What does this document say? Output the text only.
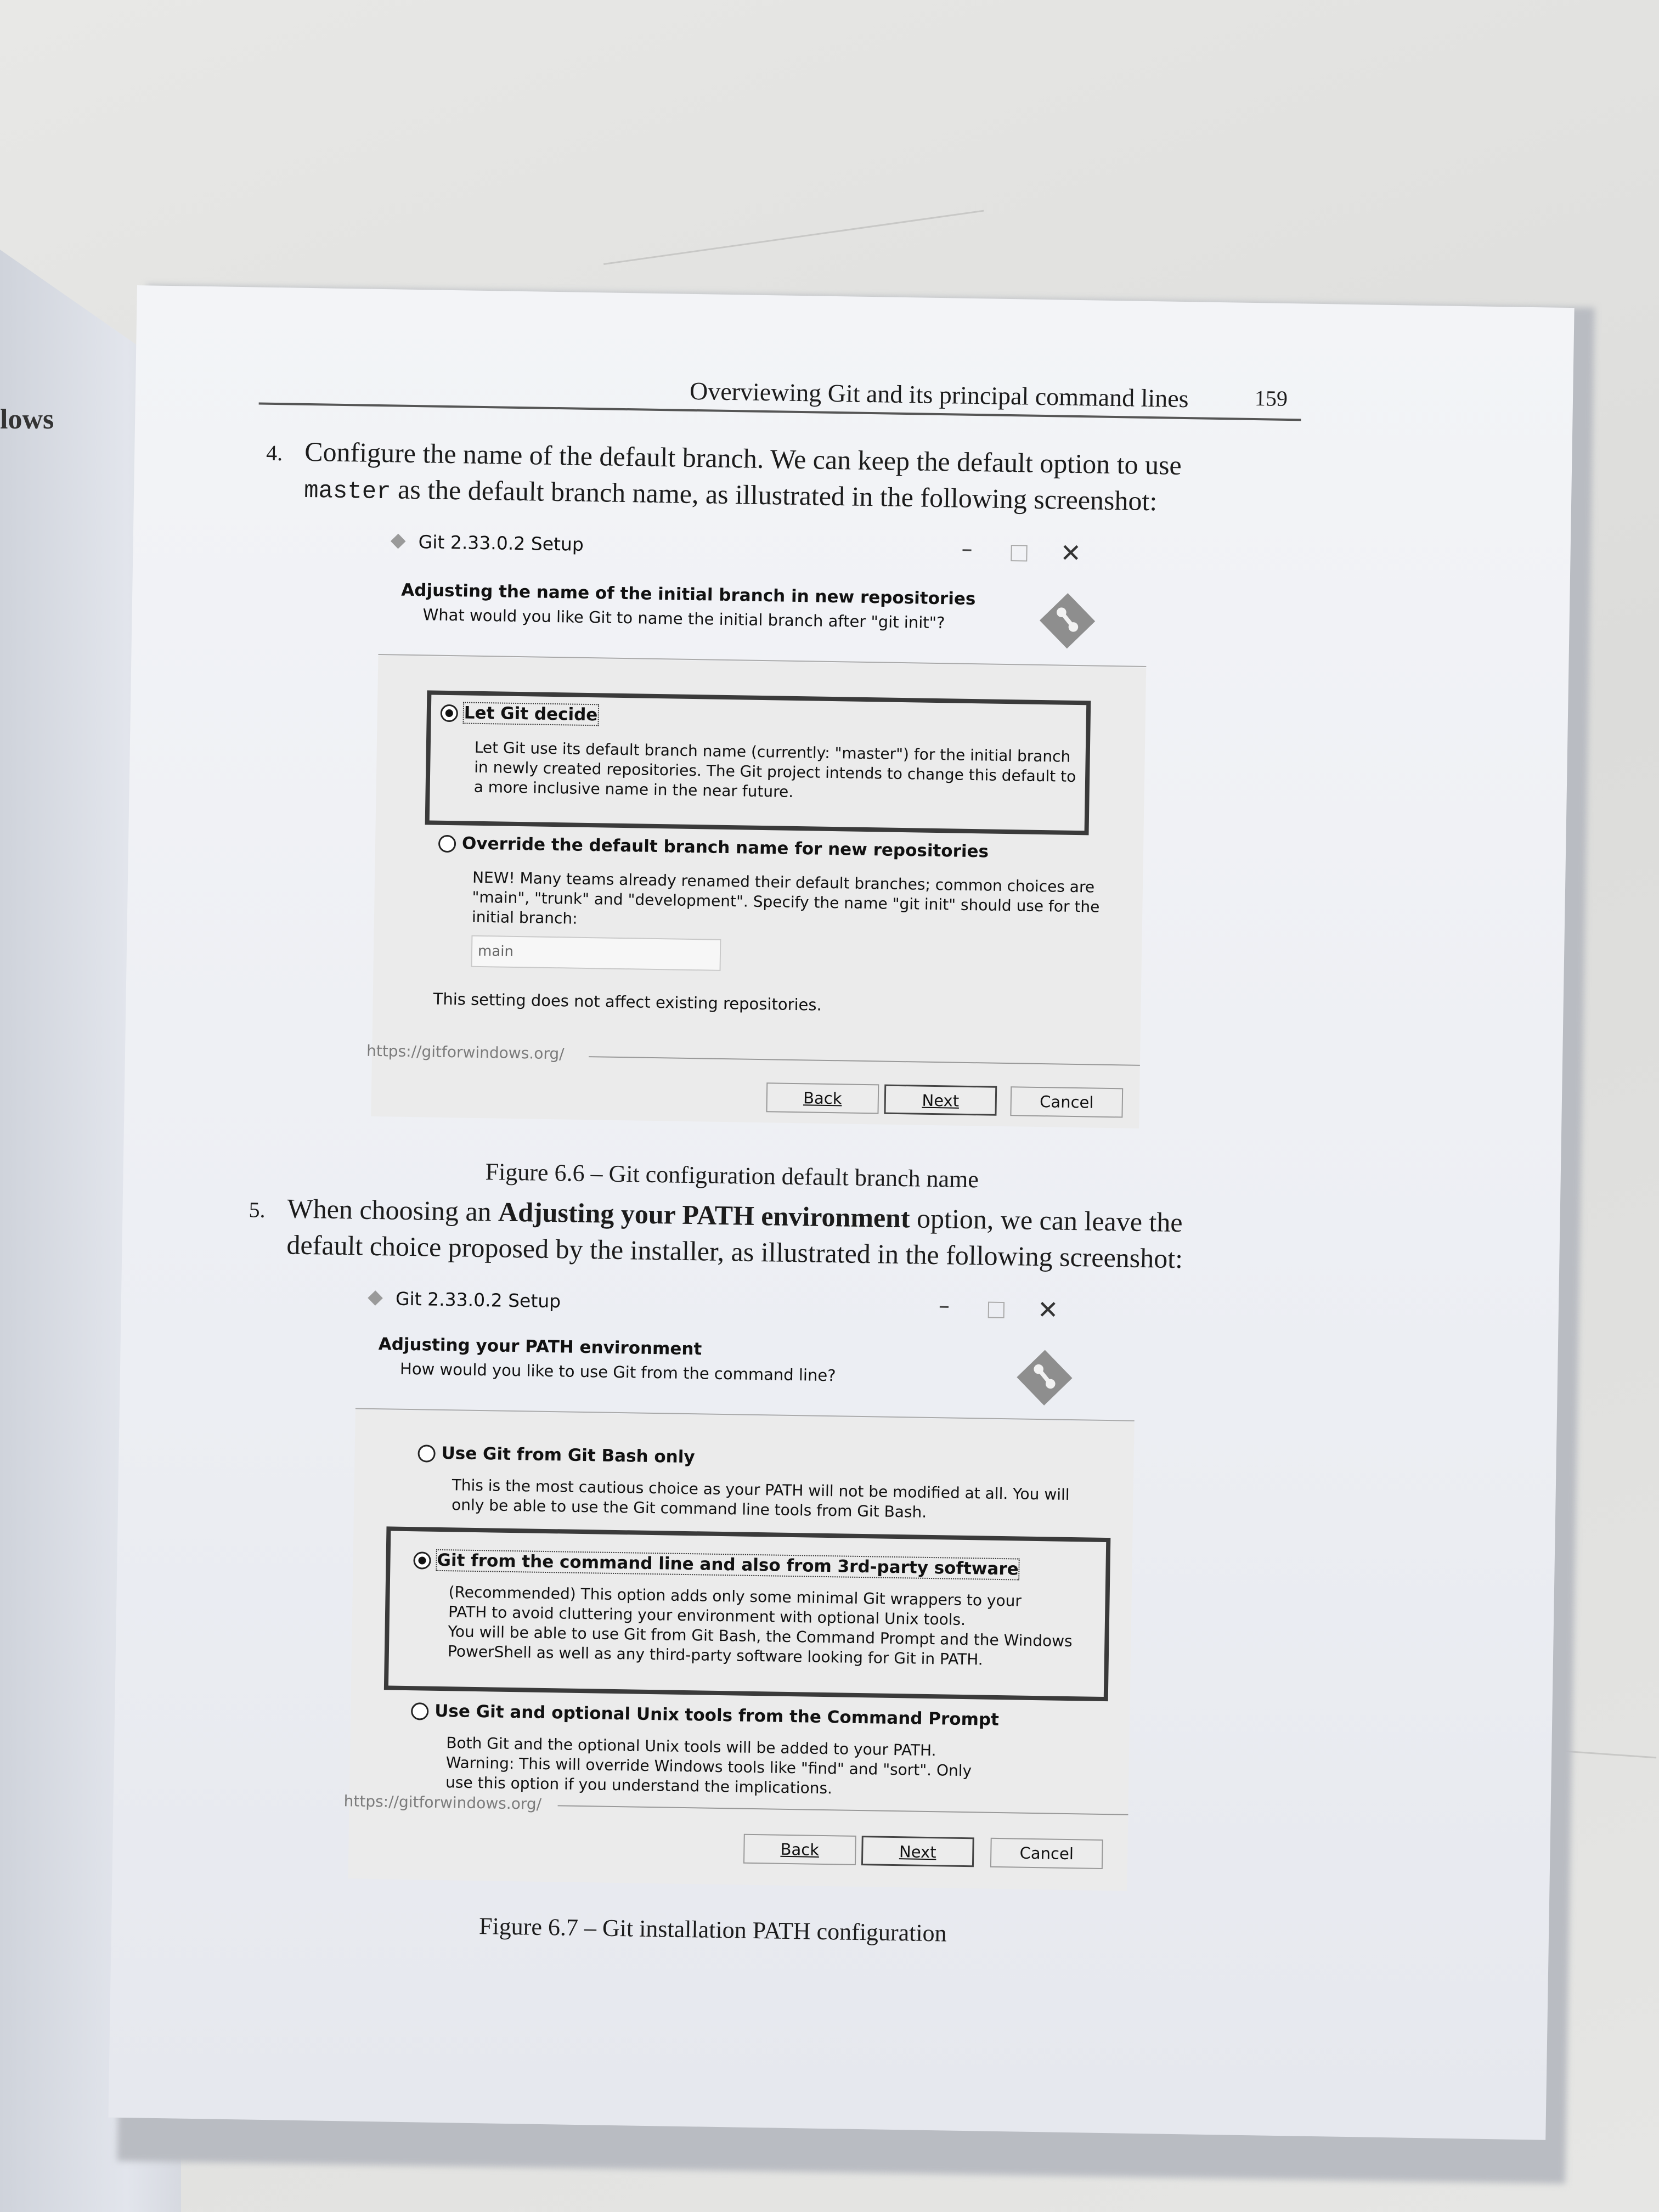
lows
Overviewing Git and its principal command lines	159
4. Configure the name of the default branch. We can keep the default option to use
master as the default branch name, as illustrated in the following screenshot:
Git 2.33.0.2 Setup	–	✕
Adjusting the name of the initial branch in new repositories
What would you like Git to name the initial branch after "git init"?
Let Git decide
Let Git use its default branch name (currently: "master") for the initial branch
in newly created repositories. The Git project intends to change this default to
a more inclusive name in the near future.
Override the default branch name for new repositories
NEW! Many teams already renamed their default branches; common choices are
"main", "trunk" and "development". Specify the name "git init" should use for the
initial branch:
main
This setting does not affect existing repositories.
https://gitforwindows.org/
Back	Next	Cancel
Figure 6.6 – Git configuration default branch name
5. When choosing an Adjusting your PATH environment option, we can leave the
default choice proposed by the installer, as illustrated in the following screenshot:
Git 2.33.0.2 Setup	–	✕
Adjusting your PATH environment
How would you like to use Git from the command line?
Use Git from Git Bash only
This is the most cautious choice as your PATH will not be modified at all. You will
only be able to use the Git command line tools from Git Bash.
Git from the command line and also from 3rd-party software
(Recommended) This option adds only some minimal Git wrappers to your
PATH to avoid cluttering your environment with optional Unix tools.
You will be able to use Git from Git Bash, the Command Prompt and the Windows
PowerShell as well as any third-party software looking for Git in PATH.
Use Git and optional Unix tools from the Command Prompt
Both Git and the optional Unix tools will be added to your PATH.
Warning: This will override Windows tools like "find" and "sort". Only
use this option if you understand the implications.
https://gitforwindows.org/
Back	Next	Cancel
Figure 6.7 – Git installation PATH configuration
